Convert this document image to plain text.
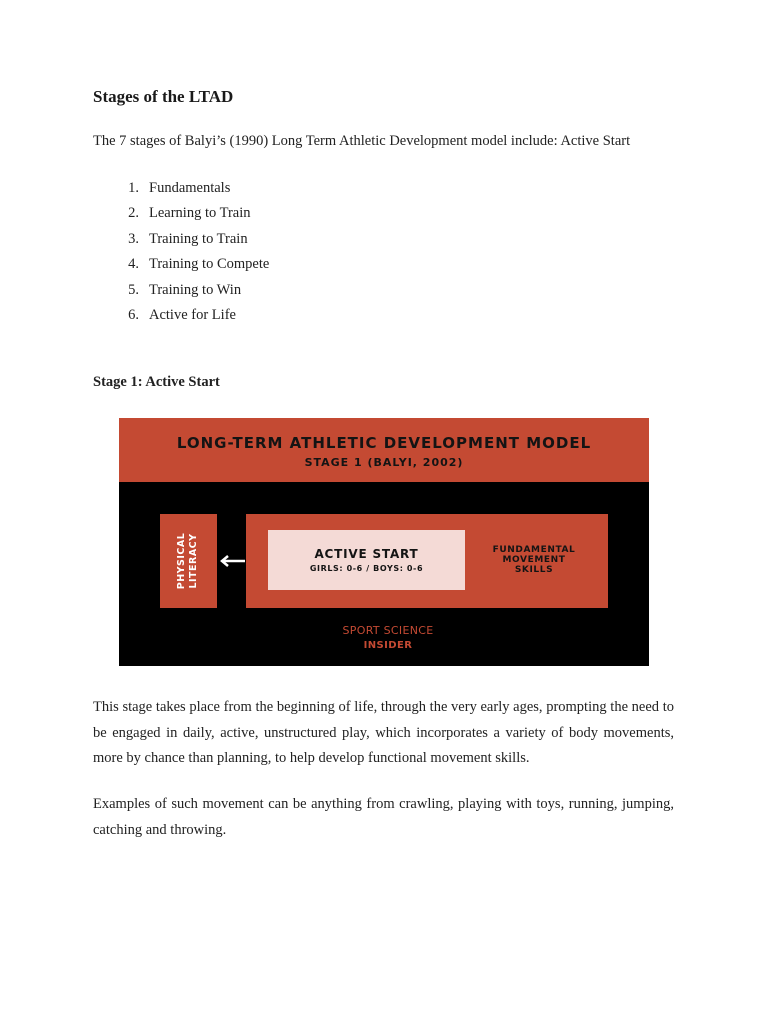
Stages of the LTAD

The 7 stages of Balyi’s (1990) Long Term Athletic Development model include: Active Start

1. Fundamentals
2. Learning to Train
3. Training to Train
4. Training to Compete
5. Training to Win
6. Active for Life
Stage 1: Active Start
LONG-TERM ATHLETIC DEVELOPMENT MODEL
STAGE 1 (BALYI, 2002)
PHYSICAL
LITERACY	ACTIVE START
GIRLS: 0-6 / BOYS: 0-6
FUNDAMENTAL
MOVEMENT
SKILLS
SPORT SCIENCE
INSIDER

This stage takes place from the beginning of life, through the very early ages, prompting the need to be engaged in daily, active, unstructured play, which incorporates a variety of body movements, more by chance than planning, to help develop functional movement skills.

Examples of such movement can be anything from crawling, playing with toys, running, jumping, catching and throwing.
